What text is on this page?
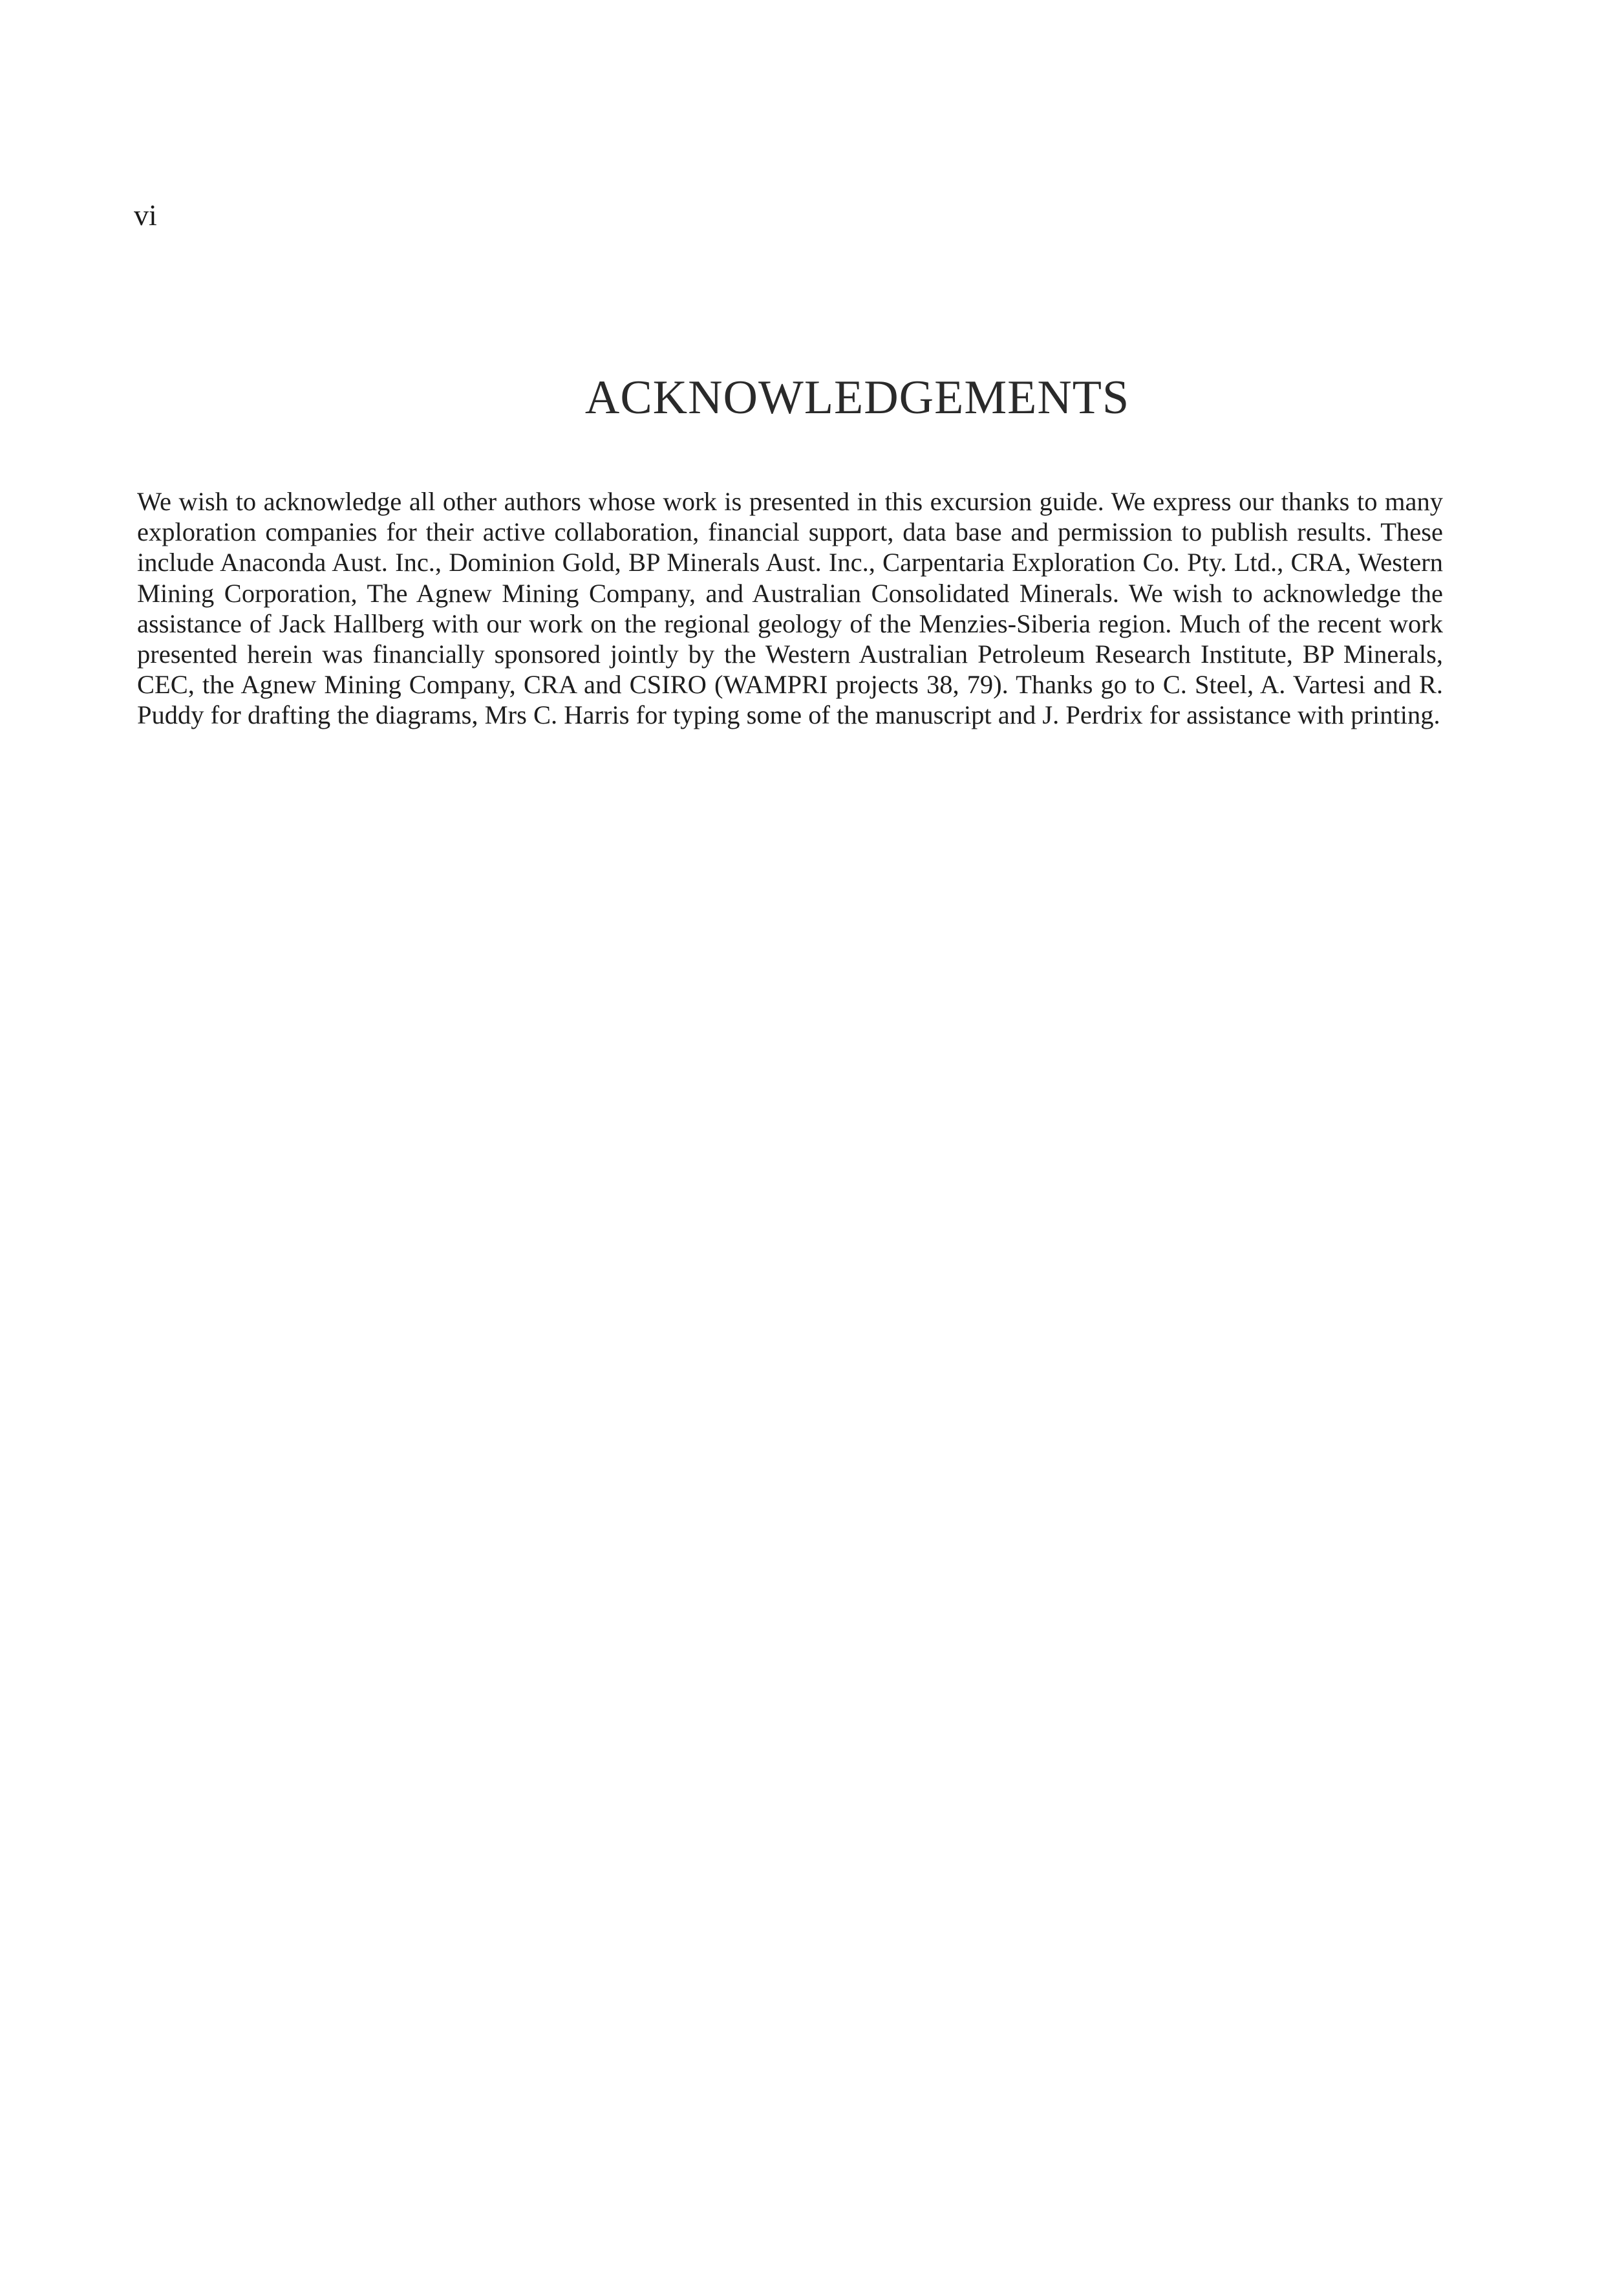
vi
ACKNOWLEDGEMENTS

We wish to acknowledge all other authors whose work is presented in this excursion guide. We express our thanks to many exploration companies for their active collaboration, financial support, data base and permission to publish results. These include Anaconda Aust. Inc., Dominion Gold, BP Minerals Aust. Inc., Carpentaria Exploration Co. Pty. Ltd., CRA, Western Mining Corporation, The Agnew Mining Company, and Australian Consolidated Minerals. We wish to acknowledge the assistance of Jack Hallberg with our work on the regional geology of the Menzies-Siberia region. Much of the recent work presented herein was financially sponsored jointly by the Western Australian Petroleum Research Institute, BP Minerals, CEC, the Agnew Mining Company, CRA and CSIRO (WAMPRI projects 38, 79). Thanks go to C. Steel, A. Vartesi and R. Puddy for drafting the diagrams, Mrs C. Harris for typing some of the manuscript and J. Perdrix for assistance with printing.
